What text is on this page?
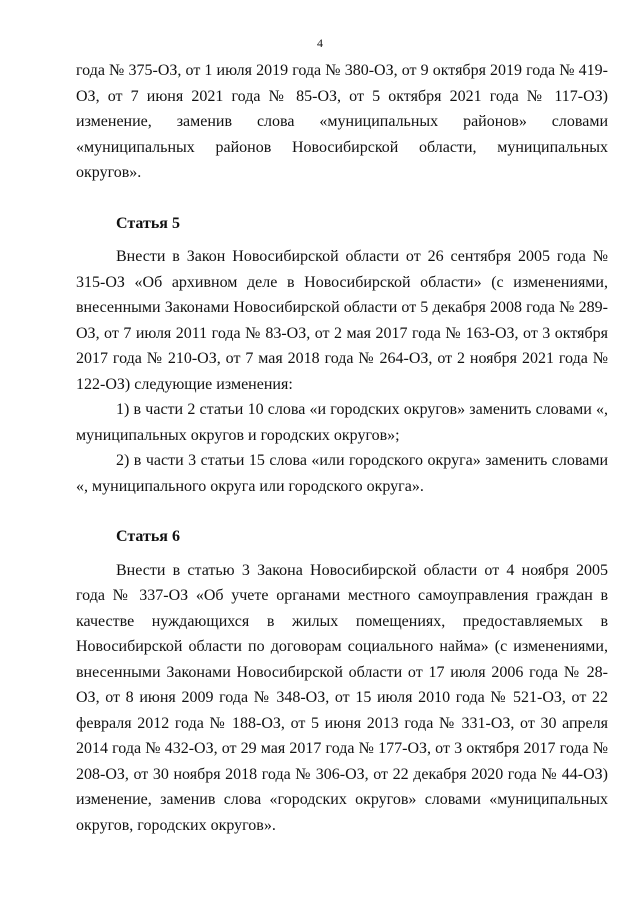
4

года № 375-ОЗ, от 1 июля 2019 года № 380-ОЗ, от 9 октября 2019 года № 419-ОЗ, от 7 июня 2021 года № 85-ОЗ, от 5 октября 2021 года № 117-ОЗ) изменение, заменив слова «муниципальных районов» словами «муниципальных районов Новосибирской области, муниципальных округов».

Статья 5

Внести в Закон Новосибирской области от 26 сентября 2005 года № 315-ОЗ «Об архивном деле в Новосибирской области» (с изменениями, внесенными Законами Новосибирской области от 5 декабря 2008 года № 289-ОЗ, от 7 июля 2011 года № 83-ОЗ, от 2 мая 2017 года № 163-ОЗ, от 3 октября 2017 года № 210-ОЗ, от 7 мая 2018 года № 264-ОЗ, от 2 ноября 2021 года № 122-ОЗ) следующие изменения:

1) в части 2 статьи 10 слова «и городских округов» заменить словами «, муниципальных округов и городских округов»;

2) в части 3 статьи 15 слова «или городского округа» заменить словами «, муниципального округа или городского округа».

Статья 6

Внести в статью 3 Закона Новосибирской области от 4 ноября 2005 года № 337-ОЗ «Об учете органами местного самоуправления граждан в качестве нуждающихся в жилых помещениях, предоставляемых в Новосибирской области по договорам социального найма» (с изменениями, внесенными Законами Новосибирской области от 17 июля 2006 года № 28-ОЗ, от 8 июня 2009 года № 348-ОЗ, от 15 июля 2010 года № 521-ОЗ, от 22 февраля 2012 года № 188-ОЗ, от 5 июня 2013 года № 331-ОЗ, от 30 апреля 2014 года № 432-ОЗ, от 29 мая 2017 года № 177-ОЗ, от 3 октября 2017 года № 208-ОЗ, от 30 ноября 2018 года № 306-ОЗ, от 22 декабря 2020 года № 44-ОЗ) изменение, заменив слова «городских округов» словами «муниципальных округов, городских округов».
